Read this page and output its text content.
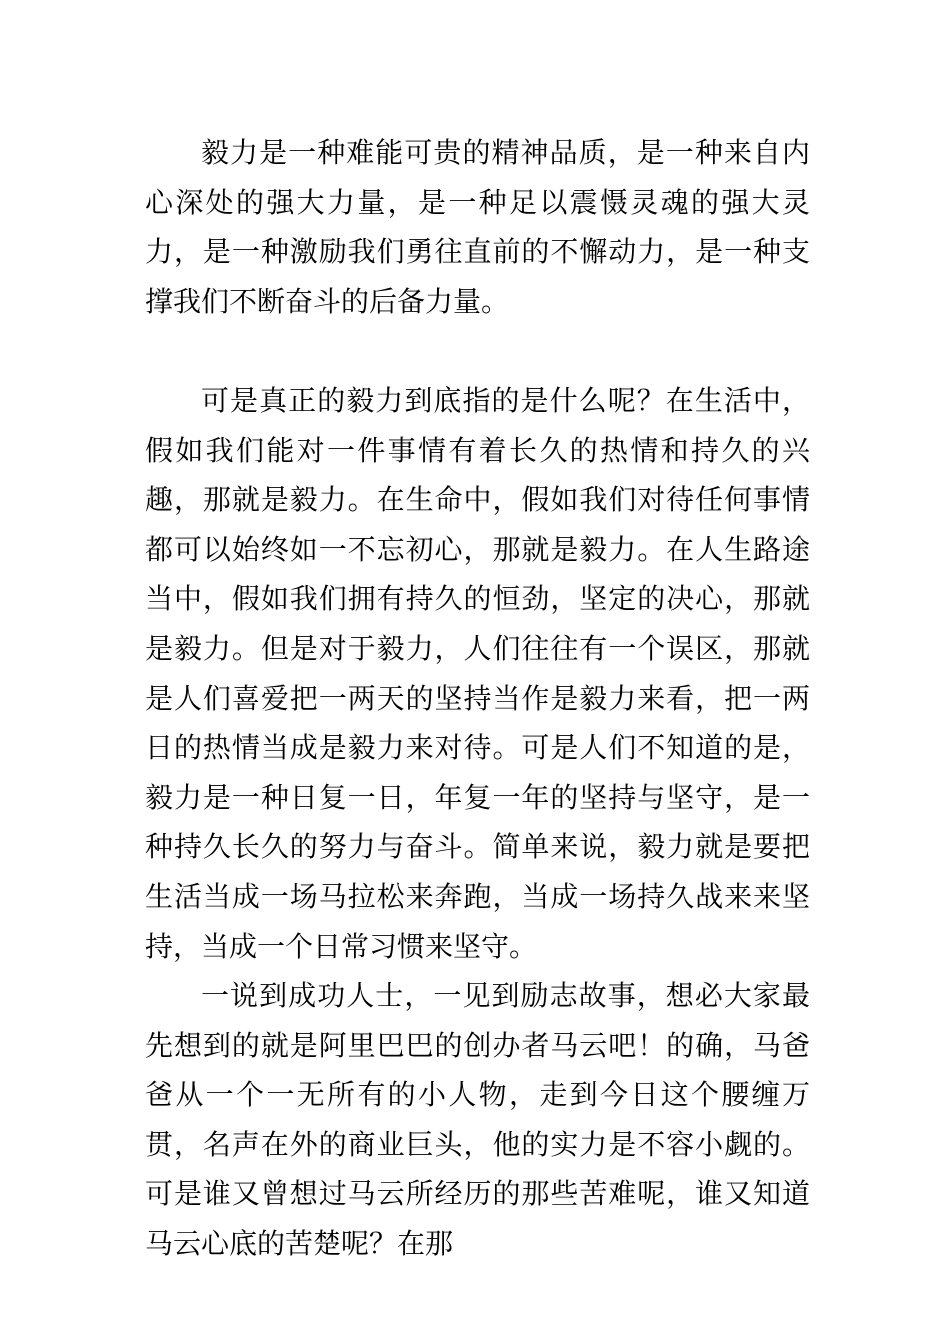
毅力是一种难能可贵的精神品质，是一种来自内心深处的强大力量，是一种足以震慑灵魂的强大灵力，是一种激励我们勇往直前的不懈动力，是一种支撑我们不断奋斗的后备力量。

可是真正的毅力到底指的是什么呢？在生活中，假如我们能对一件事情有着长久的热情和持久的兴趣，那就是毅力。在生命中，假如我们对待任何事情都可以始终如一不忘初心，那就是毅力。在人生路途当中，假如我们拥有持久的恒劲，坚定的决心，那就是毅力。但是对于毅力，人们往往有一个误区，那就是人们喜爱把一两天的坚持当作是毅力来看，把一两日的热情当成是毅力来对待。可是人们不知道的是，毅力是一种日复一日，年复一年的坚持与坚守，是一种持久长久的努力与奋斗。简单来说，毅力就是要把生活当成一场马拉松来奔跑，当成一场持久战来来坚持，当成一个日常习惯来坚守。

一说到成功人士，一见到励志故事，想必大家最先想到的就是阿里巴巴的创办者马云吧！的确，马爸爸从一个一无所有的小人物，走到今日这个腰缠万贯，名声在外的商业巨头，他的实力是不容小觑的。可是谁又曾想过马云所经历的那些苦难呢，谁又知道马云心底的苦楚呢？在那
